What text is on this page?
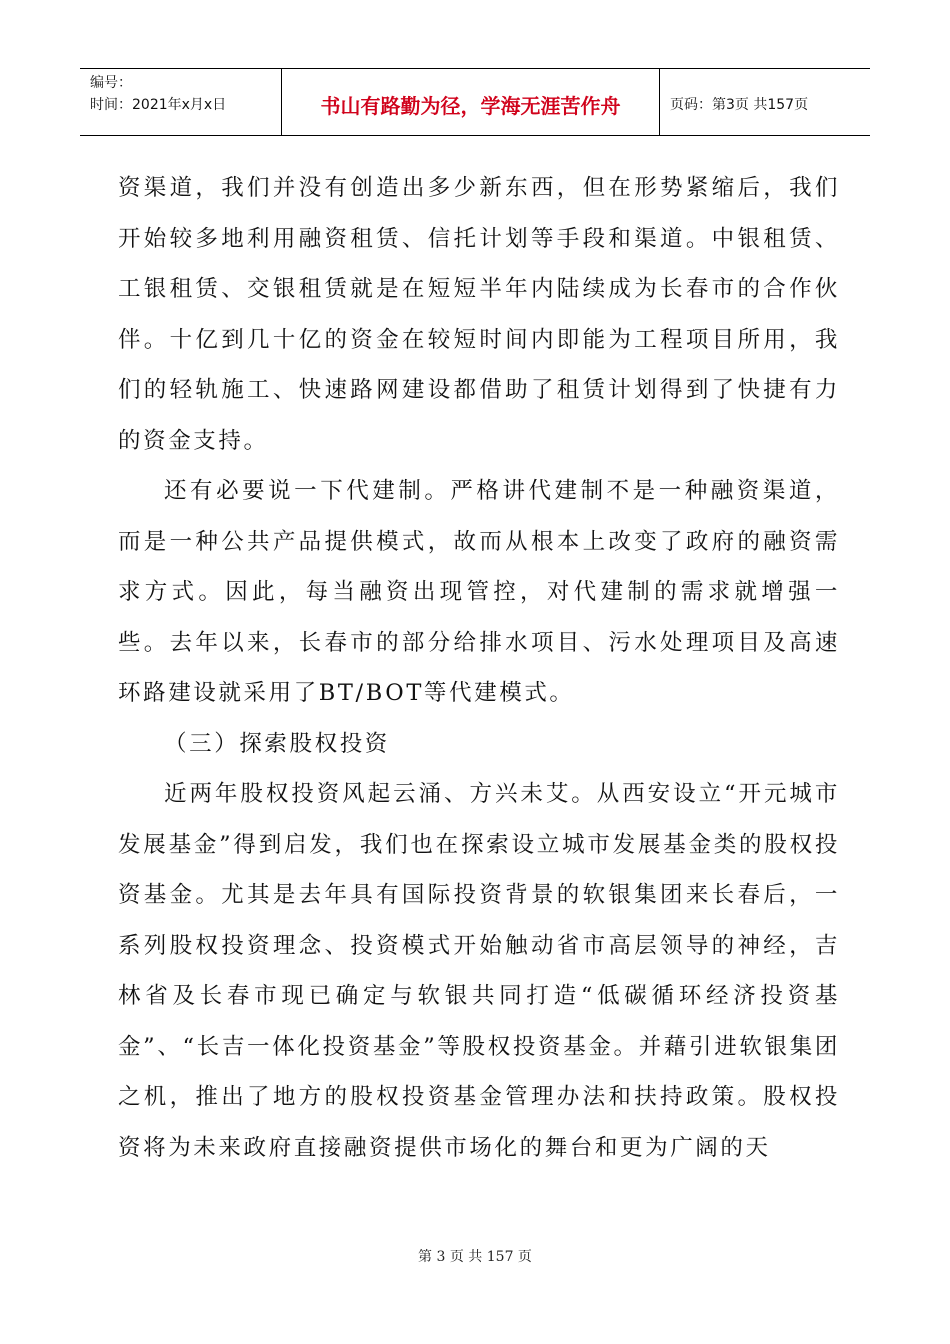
编号：
时间：2021年x月x日	书山有路勤为径，学海无涯苦作舟	页码：第3页 共157页

资渠道，我们并没有创造出多少新东西，但在形势紧缩后，我们开始较多地利用融资租赁、信托计划等手段和渠道。中银租赁、工银租赁、交银租赁就是在短短半年内陆续成为长春市的合作伙伴。十亿到几十亿的资金在较短时间内即能为工程项目所用，我们的轻轨施工、快速路网建设都借助了租赁计划得到了快捷有力的资金支持。

还有必要说一下代建制。严格讲代建制不是一种融资渠道，而是一种公共产品提供模式，故而从根本上改变了政府的融资需求方式。因此，每当融资出现管控，对代建制的需求就增强一些。去年以来，长春市的部分给排水项目、污水处理项目及高速环路建设就采用了BT/BOT等代建模式。

（三）探索股权投资

近两年股权投资风起云涌、方兴未艾。从西安设立“开元城市发展基金”得到启发，我们也在探索设立城市发展基金类的股权投资基金。尤其是去年具有国际投资背景的软银集团来长春后，一系列股权投资理念、投资模式开始触动省市高层领导的神经，吉林省及长春市现已确定与软银共同打造“低碳循环经济投资基金”、“长吉一体化投资基金”等股权投资基金。并藉引进软银集团之机，推出了地方的股权投资基金管理办法和扶持政策。股权投资将为未来政府直接融资提供市场化的舞台和更为广阔的天

第 3 页 共 157 页
